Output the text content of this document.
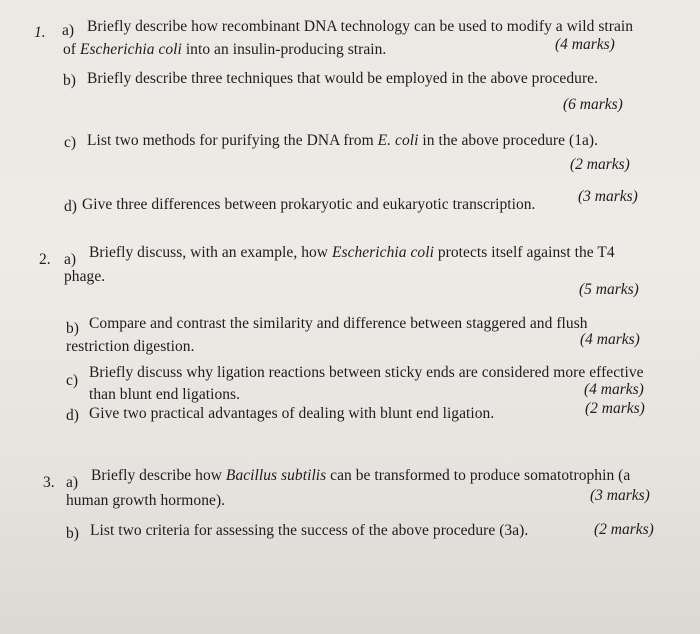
1. a) Briefly describe how recombinant DNA technology can be used to modify a wild strain
of Escherichia coli into an insulin-producing strain.	(4 marks)
b) Briefly describe three techniques that would be employed in the above procedure.
(6 marks)
c) List two methods for purifying the DNA from E. coli in the above procedure (1a).
(2 marks)
d) Give three differences between prokaryotic and eukaryotic transcription.	(3 marks)
2. a) Briefly discuss, with an example, how Escherichia coli protects itself against the T4
phage.
(5 marks)
b) Compare and contrast the similarity and difference between staggered and flush
restriction digestion.	(4 marks)
c) Briefly discuss why ligation reactions between sticky ends are considered more effective
than blunt end ligations.	(4 marks)
d) Give two practical advantages of dealing with blunt end ligation.	(2 marks)
3. a) Briefly describe how Bacillus subtilis can be transformed to produce somatotrophin (a
human growth hormone).	(3 marks)
b) List two criteria for assessing the success of the above procedure (3a).	(2 marks)
